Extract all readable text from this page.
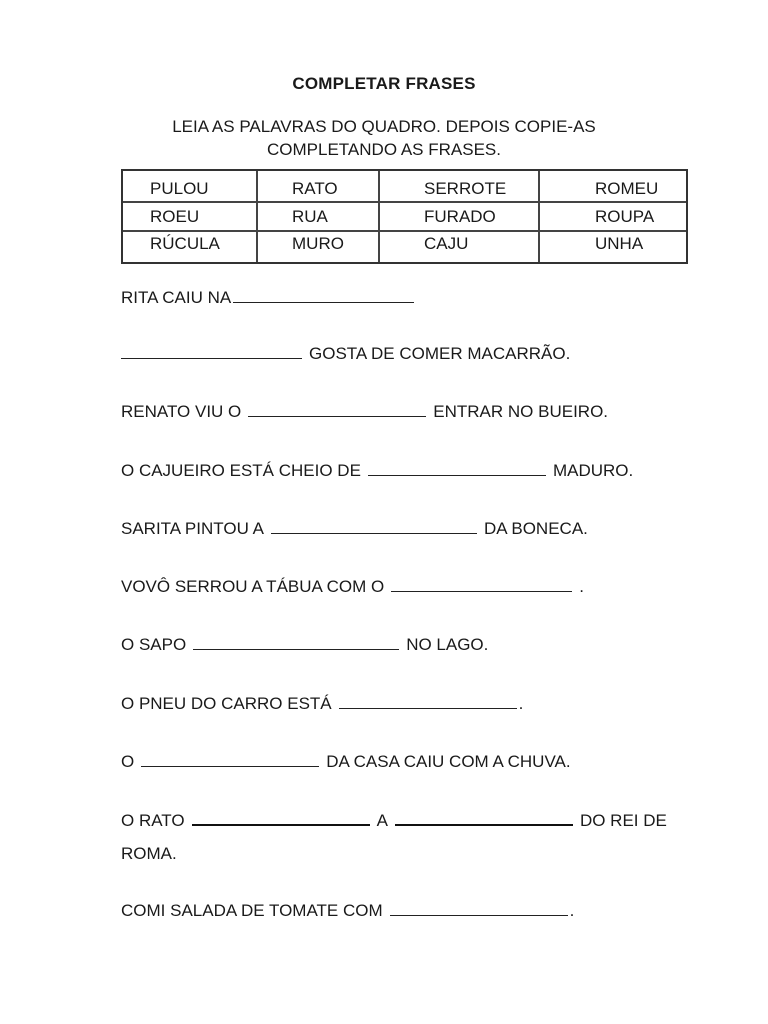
COMPLETAR FRASES
LEIA AS PALAVRAS DO QUADRO. DEPOIS COPIE-AS
COMPLETANDO AS FRASES.
PULOU	RATO	SERROTE	ROMEU
ROEU	RUA	FURADO	ROUPA
RÚCULA	MURO	CAJU	UNHA
RITA CAIU NA
GOSTA DE COMER MACARRÃO.
RENATO VIU O	ENTRAR NO BUEIRO.
O CAJUEIRO ESTÁ CHEIO DE	MADURO.
SARITA PINTOU A	DA BONECA.
VOVÔ SERROU A TÁBUA COM O	.
O SAPO	NO LAGO.
O PNEU DO CARRO ESTÁ	.
O	DA CASA CAIU COM A CHUVA.
O RATO	A	DO REI DE
ROMA.
COMI SALADA DE TOMATE COM	.
